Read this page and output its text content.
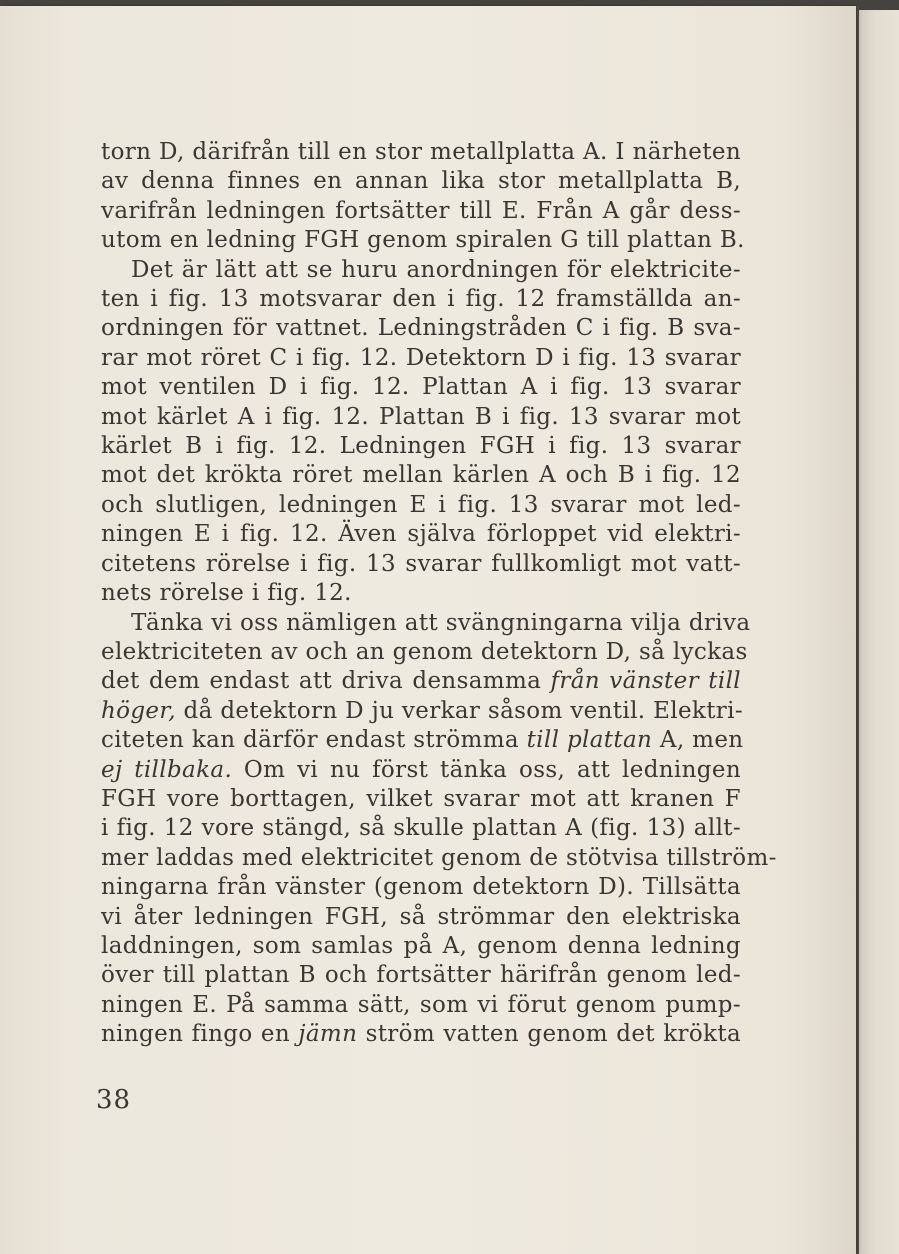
torn D, därifrån till en stor metallplatta A. I närheten
av denna finnes en annan lika stor metallplatta B,
varifrån ledningen fortsätter till E. Från A går dess-
utom en ledning FGH genom spiralen G till plattan B.
Det är lätt att se huru anordningen för elektricite-
ten i fig. 13 motsvarar den i fig. 12 framställda an-
ordningen för vattnet. Ledningstråden C i fig. B sva-
rar mot röret C i fig. 12. Detektorn D i fig. 13 svarar
mot ventilen D i fig. 12. Plattan A i fig. 13 svarar
mot kärlet A i fig. 12. Plattan B i fig. 13 svarar mot
kärlet B i fig. 12. Ledningen FGH i fig. 13 svarar
mot det krökta röret mellan kärlen A och B i fig. 12
och slutligen, ledningen E i fig. 13 svarar mot led-
ningen E i fig. 12. Även själva förloppet vid elektri-
citetens rörelse i fig. 13 svarar fullkomligt mot vatt-
nets rörelse i fig. 12.
Tänka vi oss nämligen att svängningarna vilja driva
elektriciteten av och an genom detektorn D, så lyckas
det dem endast att driva densamma från vänster till
höger, då detektorn D ju verkar såsom ventil. Elektri-
citeten kan därför endast strömma till plattan A, men
ej tillbaka. Om vi nu först tänka oss, att ledningen
FGH vore borttagen, vilket svarar mot att kranen F
i fig. 12 vore stängd, så skulle plattan A (fig. 13) allt-
mer laddas med elektricitet genom de stötvisa tillström-
ningarna från vänster (genom detektorn D). Tillsätta
vi åter ledningen FGH, så strömmar den elektriska
laddningen, som samlas på A, genom denna ledning
över till plattan B och fortsätter härifrån genom led-
ningen E. På samma sätt, som vi förut genom pump-
ningen fingo en jämn ström vatten genom det krökta
38
